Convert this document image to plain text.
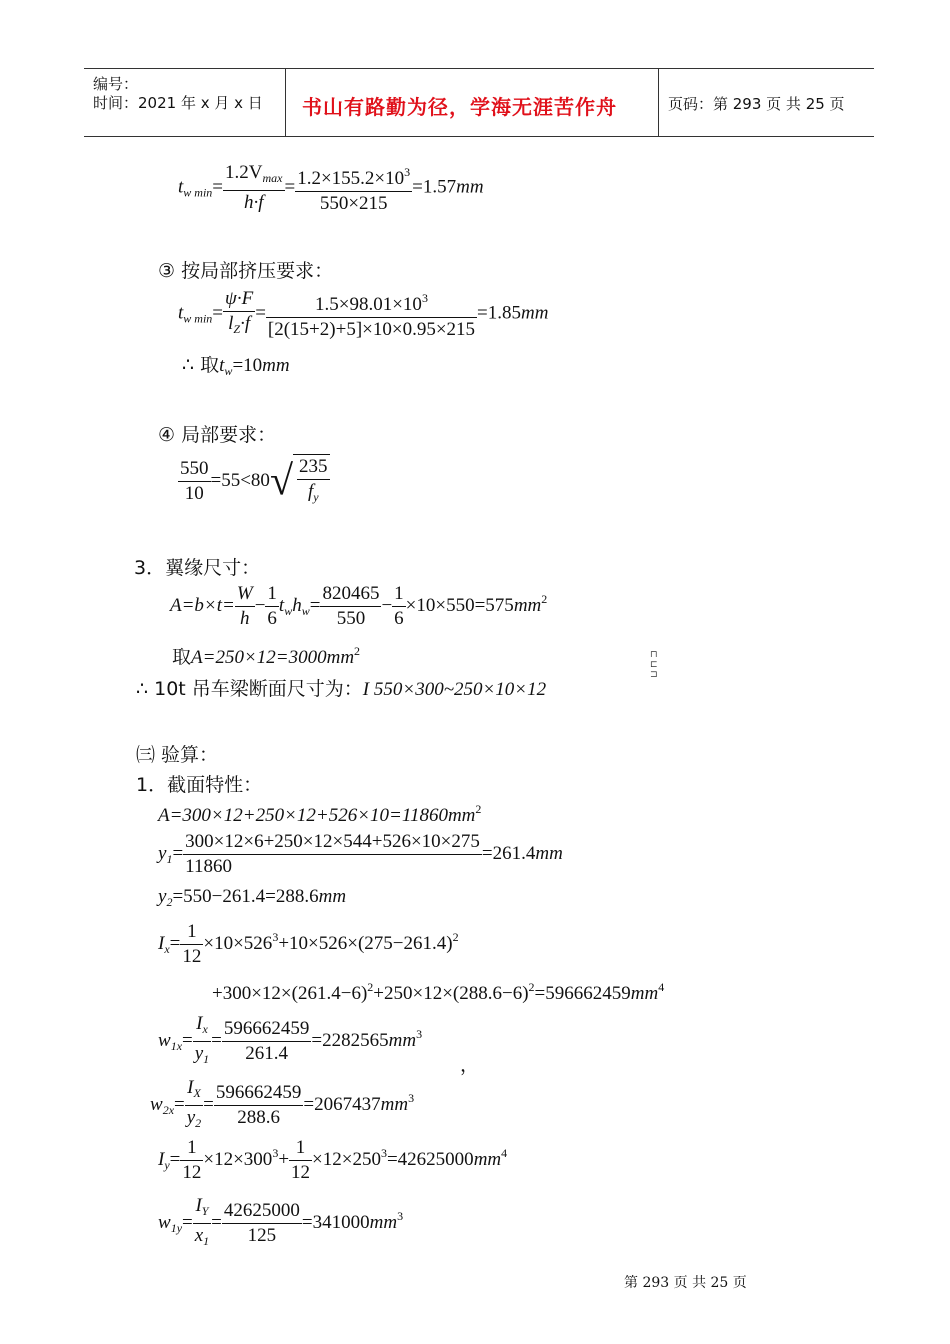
编号：
时间：2021 年 x 月 x 日 书山有路勤为径，学海无涯苦作舟	页码：第 293 页 共 25 页
$t_{w min}= \frac{1.2V_{max}}{h\cdot f} = \frac{1.2\times 155.2\times 10^3}{550\times 215} =1.57mm$
③ 按局部挤压要求：
$t_{w min}= \frac{\psi\cdot F}{l_Z\cdot f} = \frac{1.5\times 98.01\times 10^3}{[2(15+2)+5]\times 10\times 0.95\times 215} =1.85mm$
∴ 取$t_w=10mm$
④ 局部要求：
$\frac{550}{10} =55<80√ \frac{235}{f_y}$
3．翼缘尺寸：
$A=b\times t= \frac{W}{h} - \frac{1}{6} t_wh_w= \frac{820465}{550} - \frac{1}{6} \times 10\times 550=575mm^2$
取$A=250\times 12=3000mm^2$	⊓
⊏
⊐
∴ 10t 吊车梁断面尺寸为：I 550×300~250×10×12
㈢ 验算：
1．截面特性：
$A=300\times 12+250\times 12+526\times 10=11860mm^2$
$y_1= \frac{300\times 12\times 6+250\times 12\times 544+526\times 10\times 275}{11860} =261.4mm$
$y_2=550-261.4=288.6mm$
$I_x= \frac{1}{12} \times 10\times 526^3+10\times 526\times(275-261.4)^2$
$+300\times 12\times(261.4-6)^2+250\times 12\times(288.6-6)^2=596662459mm^4$
$w_{1x}= \frac{I_x}{y_1} = \frac{596662459}{261.4} =2282565mm^3$
，
$w_{2x}= \frac{I_X}{y_2} = \frac{596662459}{288.6} =2067437mm^3$
$I_y= \frac{1}{12} \times 12\times 300^3+ \frac{1}{12} \times 12\times 250^3=42625000mm^4$
$w_{1y}= \frac{I_Y}{x_1} = \frac{42625000}{125} =341000mm^3$
第 293 页 共 25 页
